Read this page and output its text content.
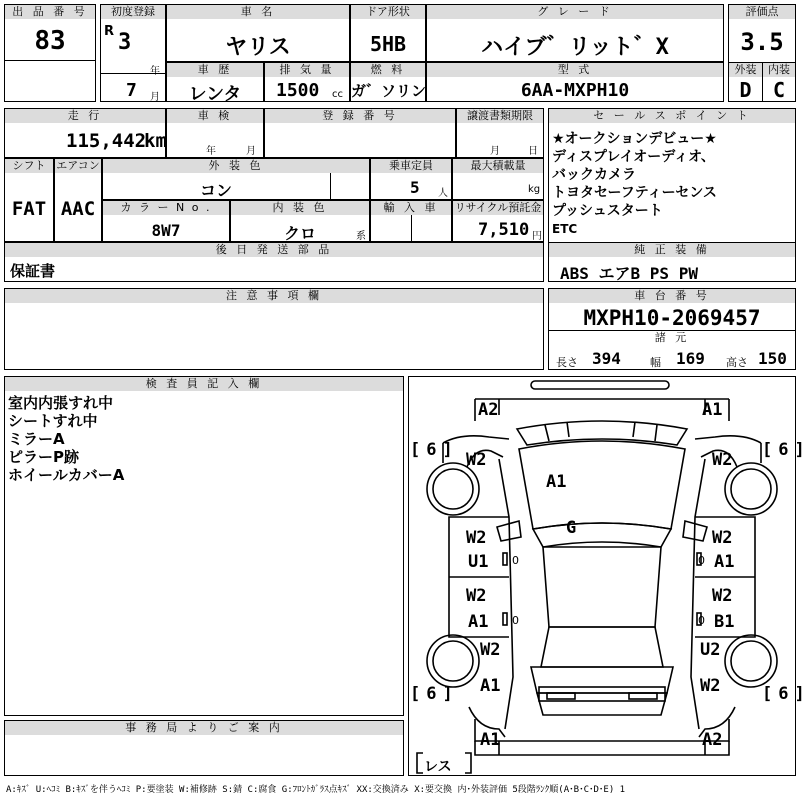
出 品 番 号
83
初度登録
R 3
年
7 月
車 名
ヤリス
ドア形状
5HB
グ レ ー ド
ハイブ゛リット゛X
評価点
3.5
外装	内装
D	C
車 歴
レンタ
排 気 量
1500 cc
燃 料
ガ゛ソリン
型 式
6AA-MXPH10
走 行
115,442
km
車 検
年	月
登 録 番 号	譲渡書類期限
月	日
セ ー ル ス ポ イ ン ト
★オークションデビュー★
ディスプレイオーディオ、
バックカメラ
トヨタセーフティーセンス
プッシュスタート
ETC
シフト
FAT
エアコン
AAC
外 装 色
コン
乗車定員
5 人
最大積載量
kg
カ ラ ー N o .
8W7
内 装 色
クロ	系
輸 入 車	リサイクル預託金
7,510 円
後 日 発 送 部 品
保証書
純 正 装 備
ABS エアB PS PW
注 意 事 項 欄	車 台 番 号
MXPH10-2069457
諸 元
長さ 394	幅 169 高さ 150
検 査 員 記 入 欄
室内内張すれ中
シートすれ中
ミラーA
ピラーP跡
ホイールカバーA
事 務 局 よ り ご 案 内
A2	A1
[ 6 ]	[ 6 ]
W2	W2
A1
G
W2
U1
W2
A1
W2
A1
W2
B1
W2	U2
[ 6 ]	[ 6 ]
A1	W2
A1	A2
0	0
0	0
レス
A:ｷｽﾞ U:ﾍｺﾐ B:ｷｽﾞを伴うﾍｺﾐ P:要塗装 W:補修跡 S:錆 C:腐食 G:ﾌﾛﾝﾄｶﾞﾗｽ点ｷｽﾞ XX:交換済み X:要交換 内･外装評価 5段階ﾗﾝｸ順(A･B･C･D･E) 1
